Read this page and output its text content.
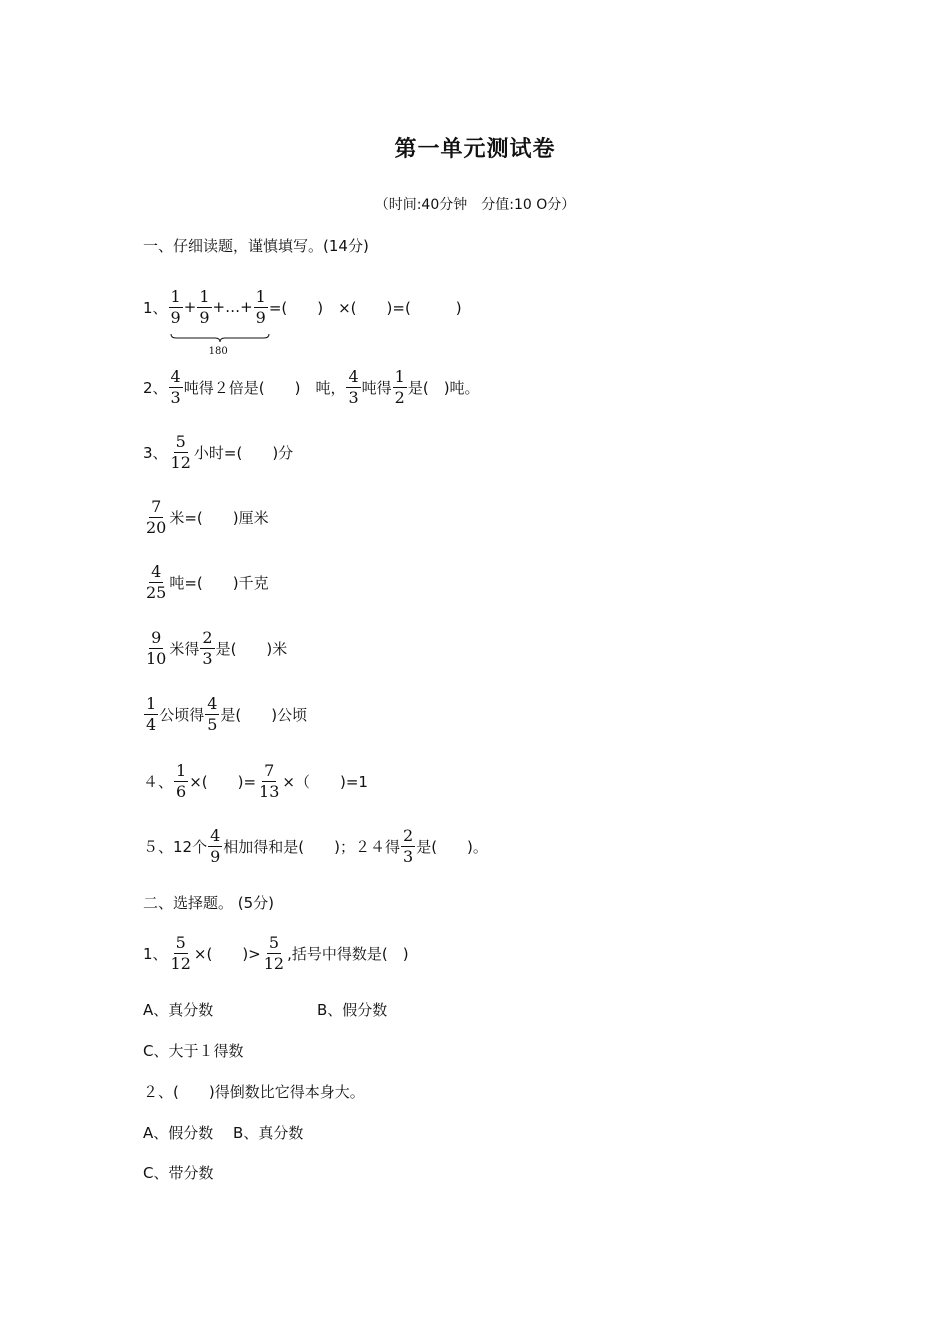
第一单元测试卷
（时间:40分钟　分值:10 O分）
一、仔细读题，谨慎填写。(14分)
1、 $\frac{1}{9} + \frac{1}{9}$ +…+ $\frac{1}{9}$
180
=(　　)　×(　　)=(　　　)
2、 $\frac{4}{3}$ 吨得２倍是(　　)　吨， $\frac{4}{3}$ 吨得 $\frac{1}{2}$ 是(　)吨。
3、 $\frac{5}{12}$ 小时=(　　)分
$\frac{7}{20}$ 米=(　　)厘米
$\frac{4}{25}$ 吨=(　　)千克
$\frac{9}{10}$ 米得 $\frac{2}{3}$ 是(　　)米
$\frac{1}{4}$ 公顷得 $\frac{4}{5}$ 是(　　)公顷
４、 $\frac{1}{6}$ ×(　　)= $\frac{7}{13}$ ×（　　)=1
５、12个 $\frac{4}{9}$ 相加得和是(　　)；２４得 $\frac{2}{3}$ 是(　　)。
二、选择题。 (5分)
1、 $\frac{5}{12}$ ×(　　)> $\frac{5}{12}$ ,括号中得数是(　)
A、真分数	B、假分数
C、大于１得数
２、(　　)得倒数比它得本身大。
A、假分数　 B、真分数
C、带分数
